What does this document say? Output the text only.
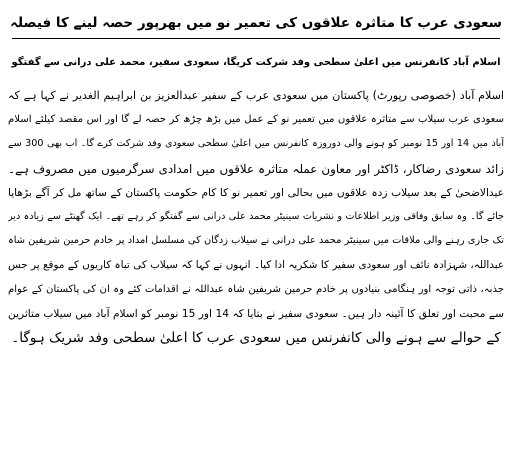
سعودی عرب کا متاثرہ علاقوں کی تعمیر نو میں بھرپور حصہ لینے کا فیصلہ
اسلام آباد کانفرنس میں اعلیٰ سطحی وفد شرکت کریگا، سعودی سفیر، محمد علی درانی سے گفتگو
اسلام آباد (خصوصی رپورٹ) پاکستان میں سعودی عرب کے سفیر عبدالعزیز بن ابراہیم الغدیر نے کہا ہے کہ
سعودی عرب سیلاب سے متاثرہ علاقوں میں تعمیر نو کے عمل میں بڑھ چڑھ کر حصہ لے گا اور اس مقصد کیلئے اسلام
آباد میں 14 اور 15 نومبر کو ہونے والی دوروزہ کانفرنس میں اعلیٰ سطحی سعودی وفد شرکت کرے گا۔ اب بھی 300 سے
زائد سعودی رضاکار، ڈاکٹر اور معاون عملہ متاثرہ علاقوں میں امدادی سرگرمیوں میں مصروف ہے۔
عیدالاضحیٰ کے بعد سیلاب زدہ علاقوں میں بحالی اور تعمیر نو کا کام حکومت پاکستان کے ساتھ مل کر آگے بڑھایا
جائے گا۔ وہ سابق وفاقی وزیر اطلاعات و نشریات سینیٹر محمد علی درانی سے گفتگو کر رہے تھے۔ ایک گھنٹے سے زیادہ دیر
تک جاری رہنے والی ملاقات میں سینیٹر محمد علی درانی نے سیلاب زدگان کی مسلسل امداد پر خادم حرمین شریفین شاہ
عبداللہ، شہزادہ نائف اور سعودی سفیر کا شکریہ ادا کیا۔ انہوں نے کہا کہ سیلاب کی تباہ کاریوں کے موقع پر جس
جذبہ، ذاتی توجہ اور ہنگامی بنیادوں پر خادم حرمین شریفین شاہ عبداللہ نے اقدامات کئے وہ ان کی پاکستان کے عوام
سے محبت اور تعلق کا آئینہ دار ہیں۔ سعودی سفیر نے بتایا کہ 14 اور 15 نومبر کو اسلام آباد میں سیلاب متاثرین
کے حوالے سے ہونے والی کانفرنس میں سعودی عرب کا اعلیٰ سطحی وفد شریک ہوگا۔
